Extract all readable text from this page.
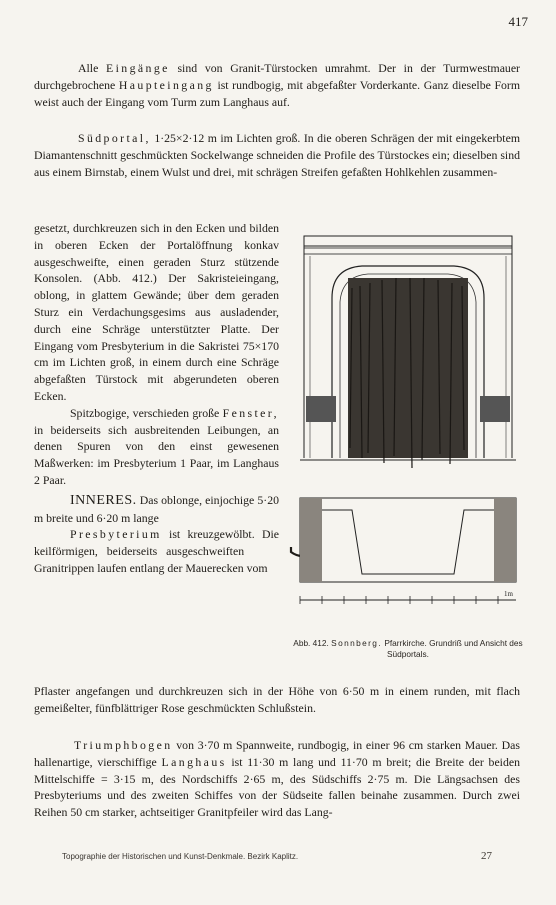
417

Alle Eingänge sind von Granit-Türstocken umrahmt. Der in der Turmwestmauer durchgebrochene Haupteingang ist rundbogig, mit abgefaßter Vorderkante. Ganz dieselbe Form weist auch der Eingang vom Turm zum Langhaus auf.

Südportal, 1·25×2·12 m im Lichten groß. In die oberen Schrägen der mit eingekerbtem Diamantenschnitt geschmückten Sockelwange schneiden die Profile des Türstockes ein; dieselben sind aus einem Birnstab, einem Wulst und drei, mit schrägen Streifen gefaßten Hohlkehlen zusammen-

gesetzt, durchkreuzen sich in den Ecken und bilden in oberen Ecken der Portalöffnung konkav ausgeschweifte, einen geraden Sturz stützende Konsolen. (Abb. 412.) Der Sakristeieingang, oblong, in glattem Gewände; über dem geraden Sturz ein Verdachungsgesims aus ausladender, durch eine Schräge unterstützter Platte. Der Eingang vom Presbyterium in die Sakristei 75×170 cm im Lichten groß, in einem durch eine Schräge abgefaßten Türstock mit abgerundeten oberen Ecken.

Spitzbogige, verschieden große Fenster, in beiderseits sich ausbreitenden Leibungen, an denen Spuren von den einst gewesenen Maßwerken: im Presbyterium 1 Paar, im Langhaus 2 Paar.

INNERES. Das oblonge, einjochige 5·20 m breite und 6·20 m lange

Presbyterium ist kreuzgewölbt. Die keilförmigen, beiderseits ausgeschweiften  Granitrippen laufen entlang der Mauerecken vom

1m
Abb. 412. Sonnberg. Pfarrkirche. Grundriß und Ansicht des Südportals.

Pflaster angefangen und durchkreuzen sich in der Höhe von 6·50 m in einem runden, mit flach gemeißelter, fünfblättriger Rose geschmückten Schlußstein.

Triumphbogen von 3·70 m Spannweite, rundbogig, in einer 96 cm starken Mauer. Das hallenartige, vierschiffige Langhaus ist 11·30 m lang und 11·70 m breit; die Breite der beiden Mittelschiffe = 3·15 m, des Nordschiffs 2·65 m, des Südschiffs 2·75 m. Die Längsachsen des Presbyteriums und des zweiten Schiffes von der Südseite fallen beinahe zusammen. Durch zwei Reihen 50 cm starker, achtseitiger Granitpfeiler wird das Lang-

Topographie der Historischen und Kunst-Denkmale. Bezirk Kaplitz.	27
